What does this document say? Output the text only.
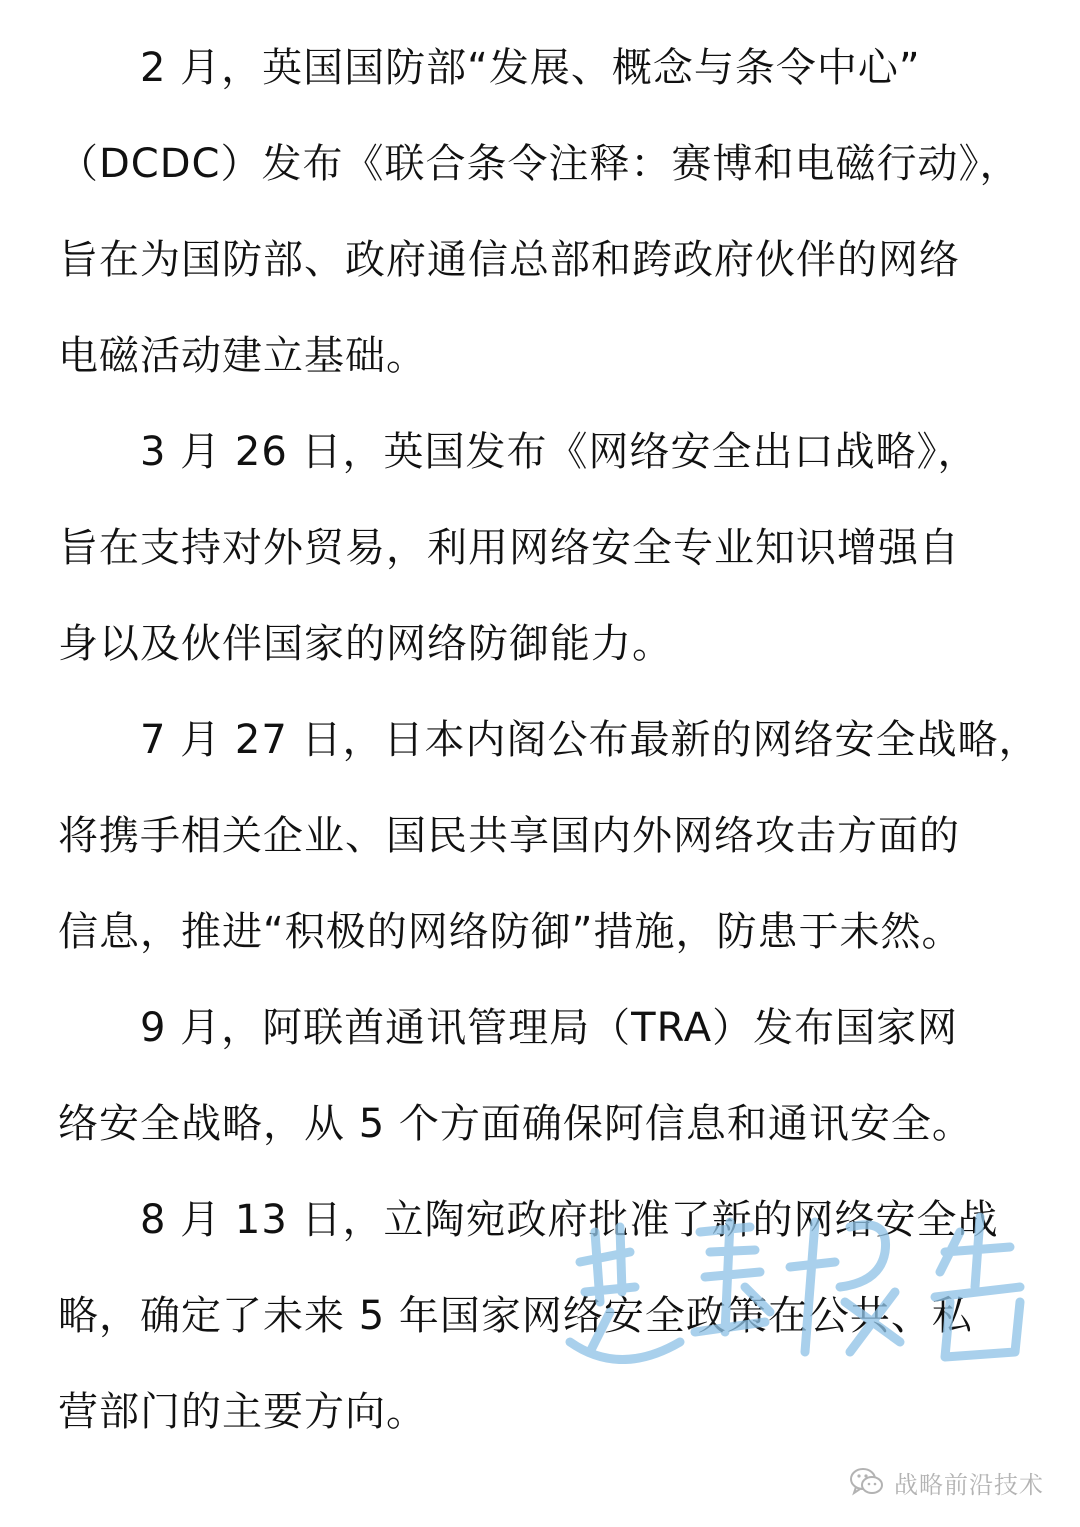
2 月，英国国防部“发展、概念与条令中心”
（DCDC）发布《联合条令注释：赛博和电磁行动》，
旨在为国防部、政府通信总部和跨政府伙伴的网络
电磁活动建立基础。
3 月 26 日，英国发布《网络安全出口战略》，
旨在支持对外贸易，利用网络安全专业知识增强自
身以及伙伴国家的网络防御能力。
7 月 27 日，日本内阁公布最新的网络安全战略，
将携手相关企业、国民共享国内外网络攻击方面的
信息，推进“积极的网络防御”措施，防患于未然。
9 月，阿联酋通讯管理局（TRA）发布国家网
络安全战略，从 5 个方面确保阿信息和通讯安全。
8 月 13 日，立陶宛政府批准了新的网络安全战
略，确定了未来 5 年国家网络安全政策在公共、私
营部门的主要方向。
战略前沿技术
